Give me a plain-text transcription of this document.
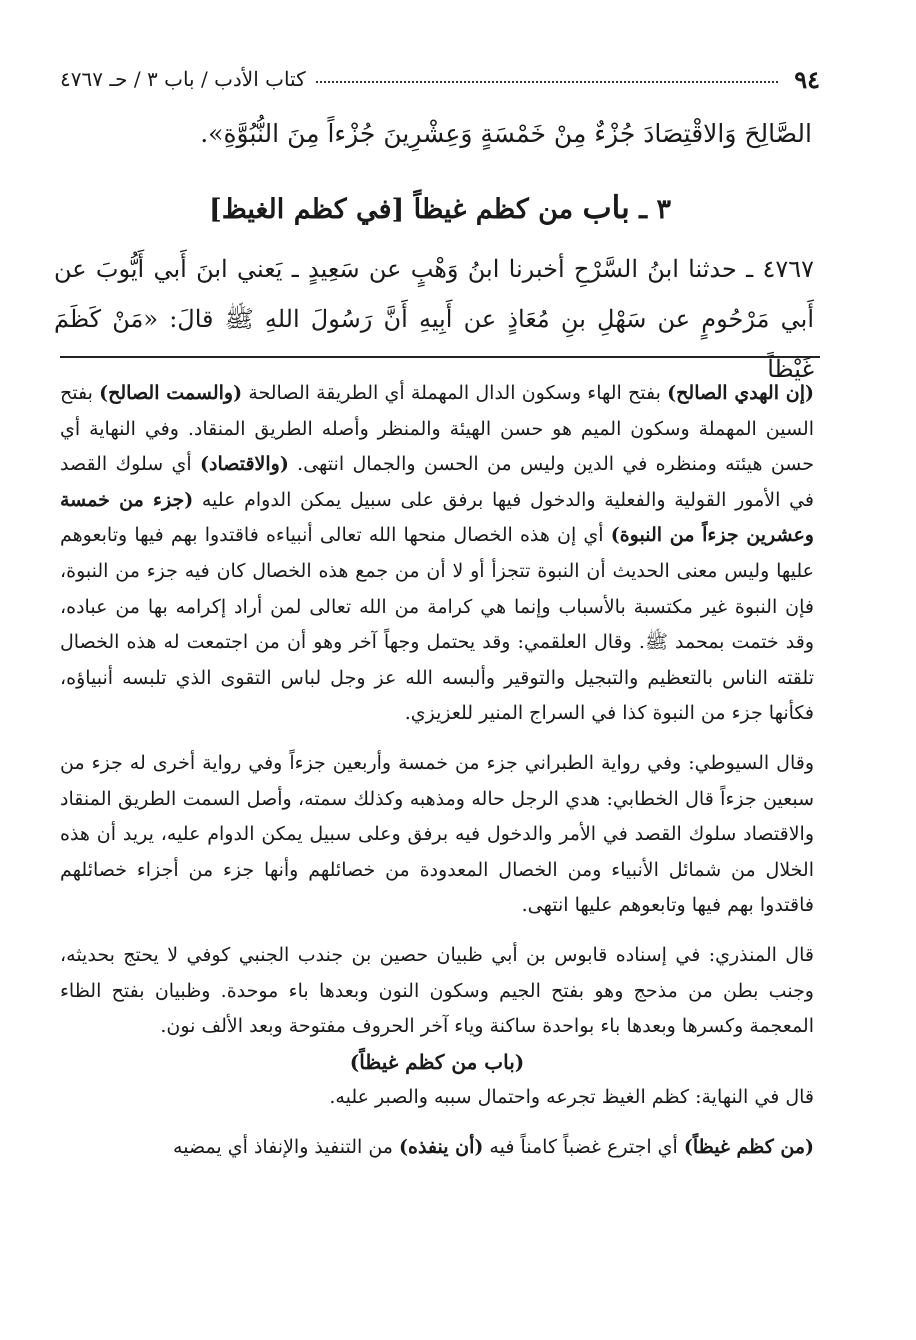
٩٤
كتاب الأدب / باب ٣ / حـ ٤٧٦٧
الصَّالِحَ وَالاقْتِصَادَ جُزْءٌ مِنْ خَمْسَةٍ وَعِشْرِينَ جُزْءاً مِنَ النُّبُوَّةِ».
٣ ـ باب من كظم غيظاً [في كظم الغيظ]
٤٧٦٧ ـ حدثنا ابنُ السَّرْحِ أخبرنا ابنُ وَهْبٍ عن سَعِيدٍ ـ يَعني ابنَ أَبي أَيُّوبَ عن أَبي مَرْحُومٍ عن سَهْلِ بنِ مُعَاذٍ عن أَبِيهِ أَنَّ رَسُولَ اللهِ ﷺ قالَ: «مَنْ كَظَمَ غَيْظاً

(إن الهدي الصالح) بفتح الهاء وسكون الدال المهملة أي الطريقة الصالحة (والسمت الصالح) بفتح السين المهملة وسكون الميم هو حسن الهيئة والمنظر وأصله الطريق المنقاد. وفي النهاية أي حسن هيئته ومنظره في الدين وليس من الحسن والجمال انتهى. (والاقتصاد) أي سلوك القصد في الأمور القولية والفعلية والدخول فيها برفق على سبيل يمكن الدوام عليه (جزء من خمسة وعشرين جزءاً من النبوة) أي إن هذه الخصال منحها الله تعالى أنبياءه فاقتدوا بهم فيها وتابعوهم عليها وليس معنى الحديث أن النبوة تتجزأ أو لا أن من جمع هذه الخصال كان فيه جزء من النبوة، فإن النبوة غير مكتسبة بالأسباب وإنما هي كرامة من الله تعالى لمن أراد إكرامه بها من عباده، وقد ختمت بمحمد ﷺ. وقال العلقمي: وقد يحتمل وجهاً آخر وهو أن من اجتمعت له هذه الخصال تلقته الناس بالتعظيم والتبجيل والتوقير وألبسه الله عز وجل لباس التقوى الذي تلبسه أنبياؤه، فكأنها جزء من النبوة كذا في السراج المنير للعزيزي.

وقال السيوطي: وفي رواية الطبراني جزء من خمسة وأربعين جزءاً وفي رواية أخرى له جزء من سبعين جزءاً قال الخطابي: هدي الرجل حاله ومذهبه وكذلك سمته، وأصل السمت الطريق المنقاد والاقتصاد سلوك القصد في الأمر والدخول فيه برفق وعلى سبيل يمكن الدوام عليه، يريد أن هذه الخلال من شمائل الأنبياء ومن الخصال المعدودة من خصائلهم وأنها جزء من أجزاء خصائلهم فاقتدوا بهم فيها وتابعوهم عليها انتهى.

قال المنذري: في إسناده قابوس بن أبي ظبيان حصين بن جندب الجنبي كوفي لا يحتج بحديثه، وجنب بطن من مذحج وهو بفتح الجيم وسكون النون وبعدها باء موحدة. وظبيان بفتح الظاء المعجمة وكسرها وبعدها باء بواحدة ساكنة وياء آخر الحروف مفتوحة وبعد الألف نون.

(باب من كظم غيظاً)

قال في النهاية: كظم الغيظ تجرعه واحتمال سببه والصبر عليه.

(من كظم غيظاً) أي اجترع غضباً كامناً فيه (أن ينفذه) من التنفيذ والإنفاذ أي يمضيه
